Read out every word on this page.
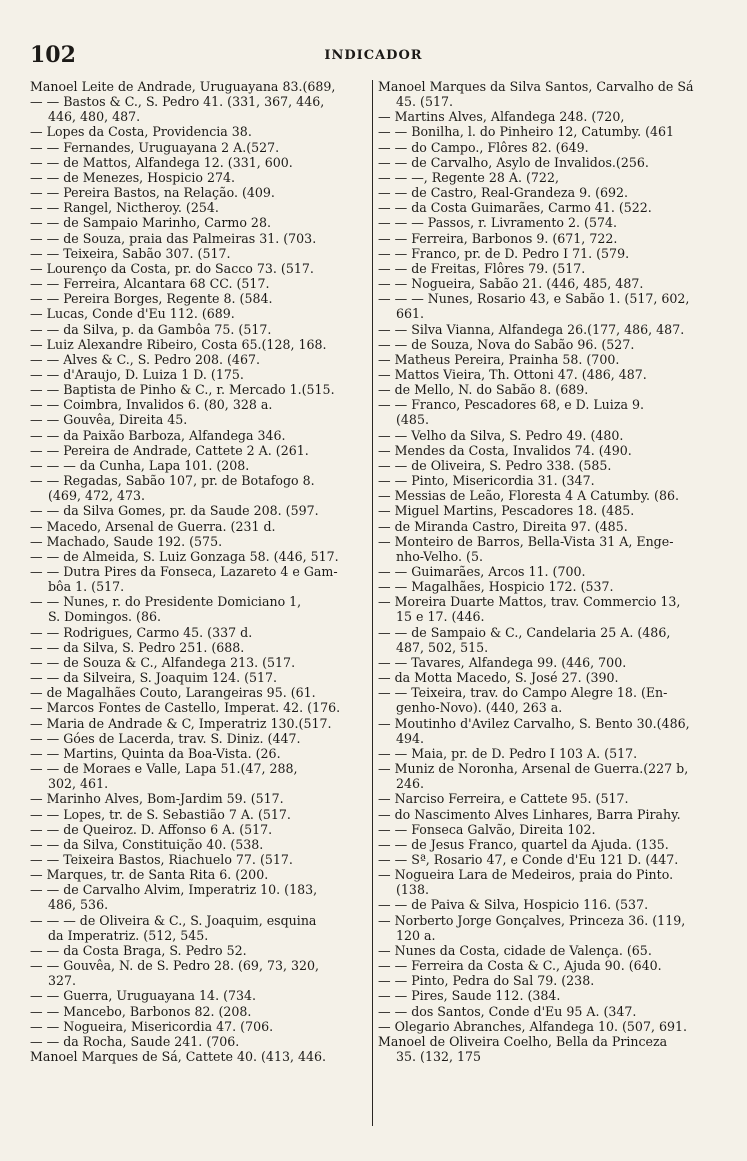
102	INDICADOR
Manoel Leite de Andrade, Uruguayana 83.(689,
— — Bastos & C., S. Pedro 41. (331, 367, 446,
446, 480, 487.
— Lopes da Costa, Providencia 38.
— — Fernandes, Uruguayana 2 A.(527.
— — de Mattos, Alfandega 12. (331, 600.
— — de Menezes, Hospicio 274.
— — Pereira Bastos, na Relação. (409.
— — Rangel, Nictheroy. (254.
— — de Sampaio Marinho, Carmo 28.
— — de Souza, praia das Palmeiras 31. (703.
— — Teixeira, Sabão 307. (517.
— Lourenço da Costa, pr. do Sacco 73. (517.
— — Ferreira, Alcantara 68 CC. (517.
— — Pereira Borges, Regente 8. (584.
— Lucas, Conde d'Eu 112. (689.
— — da Silva, p. da Gambôa 75. (517.
— Luiz Alexandre Ribeiro, Costa 65.(128, 168.
— — Alves & C., S. Pedro 208. (467.
— — d'Araujo, D. Luiza 1 D. (175.
— — Baptista de Pinho & C., r. Mercado 1.(515.
— — Coimbra, Invalidos 6. (80, 328 a.
— — Gouvêa, Direita 45.
— — da Paixão Barboza, Alfandega 346.
— — Pereira de Andrade, Cattete 2 A. (261.
— — — da Cunha, Lapa 101. (208.
— — Regadas, Sabão 107, pr. de Botafogo 8.
(469, 472, 473.
— — da Silva Gomes, pr. da Saude 208. (597.
— Macedo, Arsenal de Guerra. (231 d.
— Machado, Saude 192. (575.
— — de Almeida, S. Luiz Gonzaga 58. (446, 517.
— — Dutra Pires da Fonseca, Lazareto 4 e Gam-
bôa 1. (517.
— — Nunes, r. do Presidente Domiciano 1,
S. Domingos. (86.
— — Rodrigues, Carmo 45. (337 d.
— — da Silva, S. Pedro 251. (688.
— — de Souza & C., Alfandega 213. (517.
— — da Silveira, S. Joaquim 124. (517.
— de Magalhães Couto, Larangeiras 95. (61.
— Marcos Fontes de Castello, Imperat. 42. (176.
— Maria de Andrade & C, Imperatriz 130.(517.
— — Góes de Lacerda, trav. S. Diniz. (447.
— — Martins, Quinta da Boa-Vista. (26.
— — de Moraes e Valle, Lapa 51.(47, 288,
302, 461.
— Marinho Alves, Bom-Jardim 59. (517.
— — Lopes, tr. de S. Sebastião 7 A. (517.
— — de Queiroz. D. Affonso 6 A. (517.
— — da Silva, Constituição 40. (538.
— — Teixeira Bastos, Riachuelo 77. (517.
— Marques, tr. de Santa Rita 6. (200.
— — de Carvalho Alvim, Imperatriz 10. (183,
486, 536.
— — — de Oliveira & C., S. Joaquim, esquina
da Imperatriz. (512, 545.
— — da Costa Braga, S. Pedro 52.
— — Gouvêa, N. de S. Pedro 28. (69, 73, 320,
327.
— — Guerra, Uruguayana 14. (734.
— — Mancebo, Barbonos 82. (208.
— — Nogueira, Misericordia 47. (706.
— — da Rocha, Saude 241. (706.
Manoel Marques de Sá, Cattete 40. (413, 446.
Manoel Marques da Silva Santos, Carvalho de Sá
45. (517.
— Martins Alves, Alfandega 248. (720,
— — Bonilha, l. do Pinheiro 12, Catumby. (461
— — do Campo., Flôres 82. (649.
— — de Carvalho, Asylo de Invalidos.(256.
— — —, Regente 28 A. (722,
— — de Castro, Real-Grandeza 9. (692.
— — da Costa Guimarães, Carmo 41. (522.
— — — Passos, r. Livramento 2. (574.
— — Ferreira, Barbonos 9. (671, 722.
— — Franco, pr. de D. Pedro I 71. (579.
— — de Freitas, Flôres 79. (517.
— — Nogueira, Sabão 21. (446, 485, 487.
— — — Nunes, Rosario 43, e Sabão 1. (517, 602,
661.
— — Silva Vianna, Alfandega 26.(177, 486, 487.
— — de Souza, Nova do Sabão 96. (527.
— Matheus Pereira, Prainha 58. (700.
— Mattos Vieira, Th. Ottoni 47. (486, 487.
— de Mello, N. do Sabão 8. (689.
— — Franco, Pescadores 68, e D. Luiza 9.
(485.
— — Velho da Silva, S. Pedro 49. (480.
— Mendes da Costa, Invalidos 74. (490.
— — de Oliveira, S. Pedro 338. (585.
— — Pinto, Misericordia 31. (347.
— Messias de Leão, Floresta 4 A Catumby. (86.
— Miguel Martins, Pescadores 18. (485.
— de Miranda Castro, Direita 97. (485.
— Monteiro de Barros, Bella-Vista 31 A, Enge-
nho-Velho. (5.
— — Guimarães, Arcos 11. (700.
— — Magalhães, Hospicio 172. (537.
— Moreira Duarte Mattos, trav. Commercio 13,
15 e 17. (446.
— — de Sampaio & C., Candelaria 25 A. (486,
487, 502, 515.
— — Tavares, Alfandega 99. (446, 700.
— da Motta Macedo, S. José 27. (390.
— — Teixeira, trav. do Campo Alegre 18. (En-
genho-Novo). (440, 263 a.
— Moutinho d'Avilez Carvalho, S. Bento 30.(486,
494.
— — Maia, pr. de D. Pedro I 103 A. (517.
— Muniz de Noronha, Arsenal de Guerra.(227 b,
246.
— Narciso Ferreira, e Cattete 95. (517.
— do Nascimento Alves Linhares, Barra Pirahy.
— — Fonseca Galvão, Direita 102.
— — de Jesus Franco, quartel da Ajuda. (135.
— — Sª, Rosario 47, e Conde d'Eu 121 D. (447.
— Nogueira Lara de Medeiros, praia do Pinto.
(138.
— — de Paiva & Silva, Hospicio 116. (537.
— Norberto Jorge Gonçalves, Princeza 36. (119,
120 a.
— Nunes da Costa, cidade de Valença. (65.
— — Ferreira da Costa & C., Ajuda 90. (640.
— — Pinto, Pedra do Sal 79. (238.
— — Pires, Saude 112. (384.
— — dos Santos, Conde d'Eu 95 A. (347.
— Olegario Abranches, Alfandega 10. (507, 691.
Manoel de Oliveira Coelho, Bella da Princeza
35. (132, 175
